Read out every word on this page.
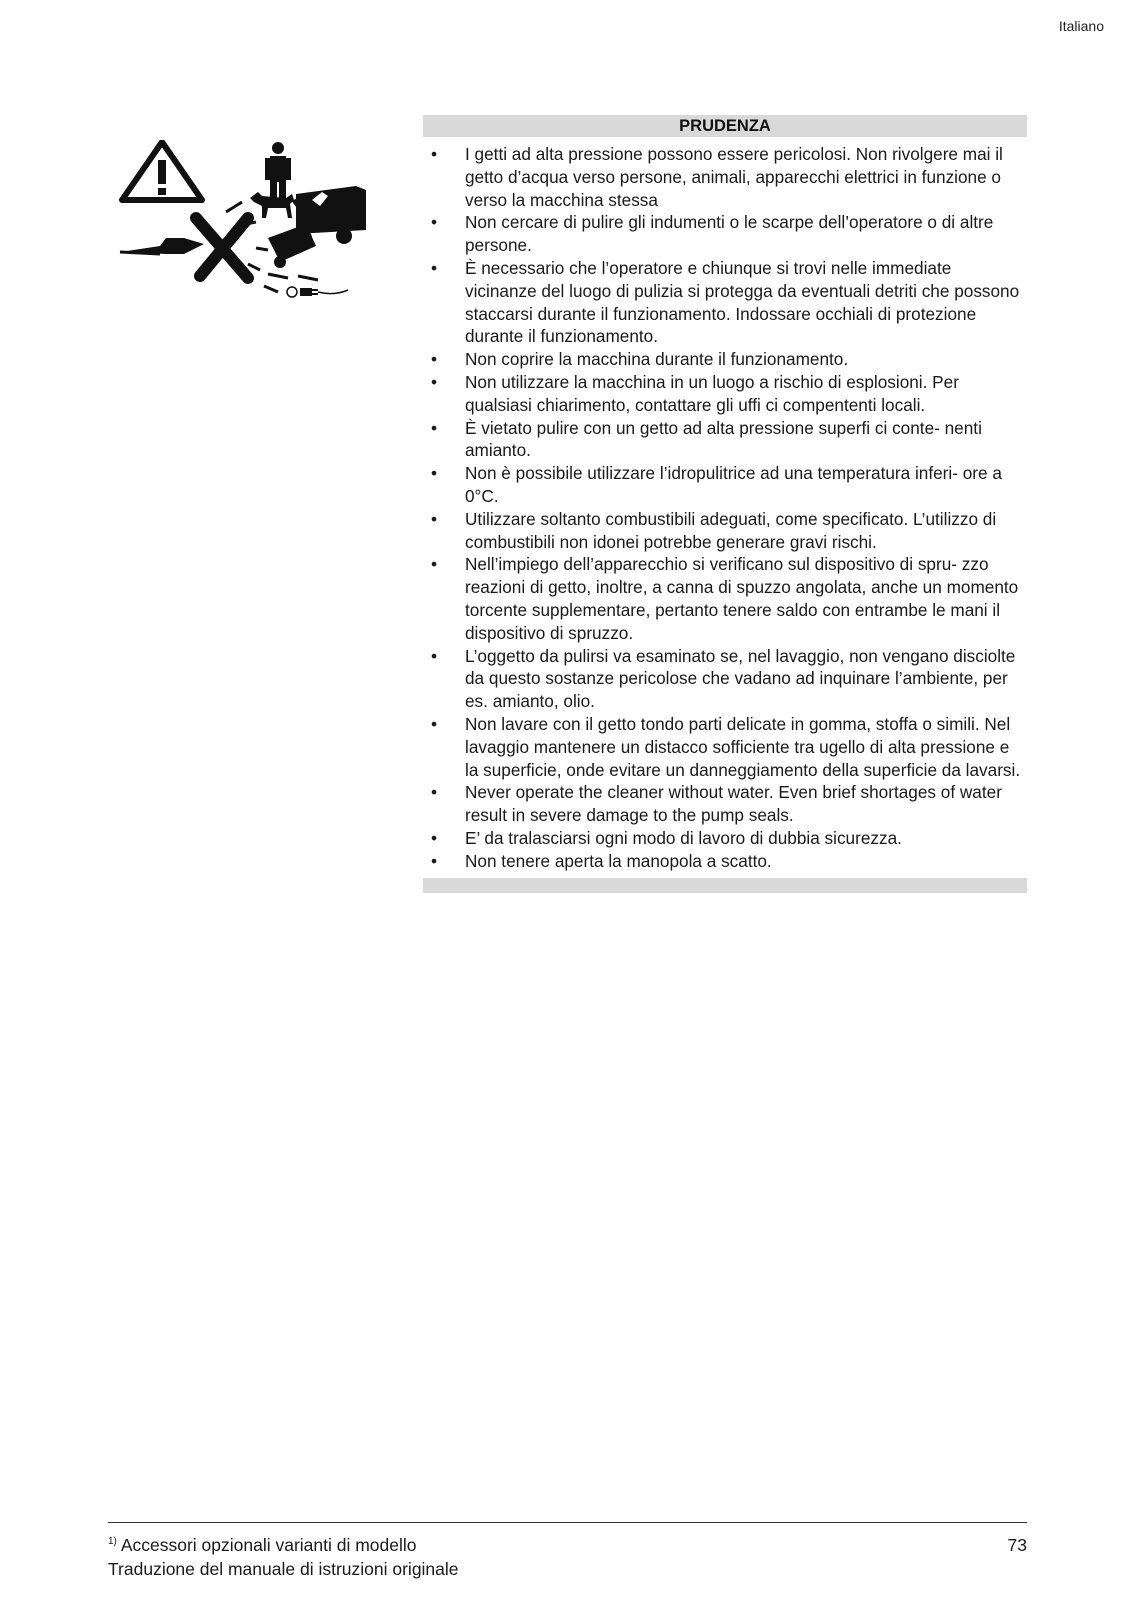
Italiano
PRUDENZA
• I getti ad alta pressione possono essere pericolosi. Non rivolgere mai il getto d’acqua verso persone, animali, apparecchi elettrici in funzione o verso la macchina stessa
• Non cercare di pulire gli indumenti o le scarpe dell’operatore o di altre persone.
• È necessario che l’operatore e chiunque si trovi nelle immediate vicinanze del luogo di pulizia si protegga da eventuali detriti che possono staccarsi durante il funzionamento. Indossare occhiali di protezione durante il funzionamento.
• Non coprire la macchina durante il funzionamento.
• Non utilizzare la macchina in un luogo a rischio di esplosioni. Per qualsiasi chiarimento, contattare gli uffi ci compententi locali.
• È vietato pulire con un getto ad alta pressione superfi ci conte- nenti amianto.
• Non è possibile utilizzare l’idropulitrice ad una temperatura inferi- ore a 0°C.
• Utilizzare soltanto combustibili adeguati, come specificato. L’utilizzo di combustibili non idonei potrebbe generare gravi rischi.
• Nell’impiego dell’apparecchio si verificano sul dispositivo di spru- zzo reazioni di getto, inoltre, a canna di spuzzo angolata, anche un momento torcente supplementare, pertanto tenere saldo con entrambe le mani il dispositivo di spruzzo.
• L’oggetto da pulirsi va esaminato se, nel lavaggio, non vengano disciolte da questo sostanze pericolose che vadano ad inquinare l’ambiente, per es. amianto, olio.
• Non lavare con il getto tondo parti delicate in gomma, stoffa o simili. Nel lavaggio mantenere un distacco sofficiente tra ugello di alta pressione e la superficie, onde evitare un danneggiamento della superficie da lavarsi.
• Never operate the cleaner without water. Even brief shortages of water result in severe damage to the pump seals.
• E’ da tralasciarsi ogni modo di lavoro di dubbia sicurezza.
• Non tenere aperta la manopola a scatto.
$^{1)}$ Accessori opzionali varianti di modello
Traduzione del manuale di istruzioni originale
73
